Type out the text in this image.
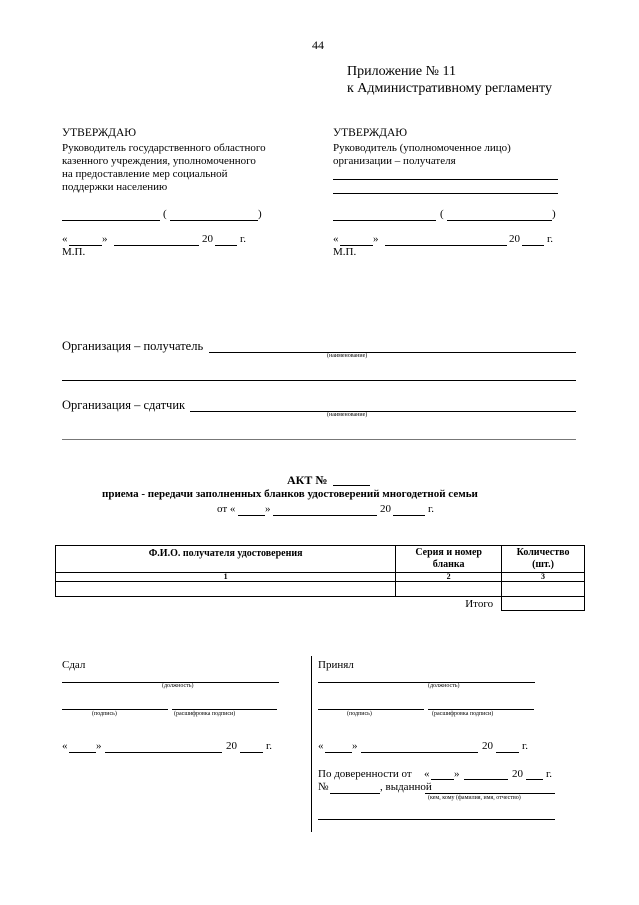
44
Приложение № 11
к Административному регламенту
УТВЕРЖДАЮ
Руководитель государственного областного
казенного учреждения, уполномоченного
на предоставление мер социальной
поддержки населению
(	)
«	»	20 г.
М.П.
УТВЕРЖДАЮ
Руководитель (уполномоченное лицо)
организации – получателя
(	)
«	»	20 г.
М.П.
Организация – получатель
(наименование)
Организация – сдатчик
(наименование)
АКТ №
приема - передачи заполненных бланков удостоверений многодетной семьи
от «	»	20	г.
Ф.И.О. получателя удостоверения	Серия и номер бланка	Количество (шт.)
1	2	3

	Итого	
Сдал
(должность)
(подпись)	(расшифровка подписи)
«	»	20	г.
Принял
(должность)
(подпись)	(расшифровка подписи)
«	»	20	г.
По доверенности от « »	20 г.
№	, выданной
(кем, кому (фамилия, имя, отчество)
